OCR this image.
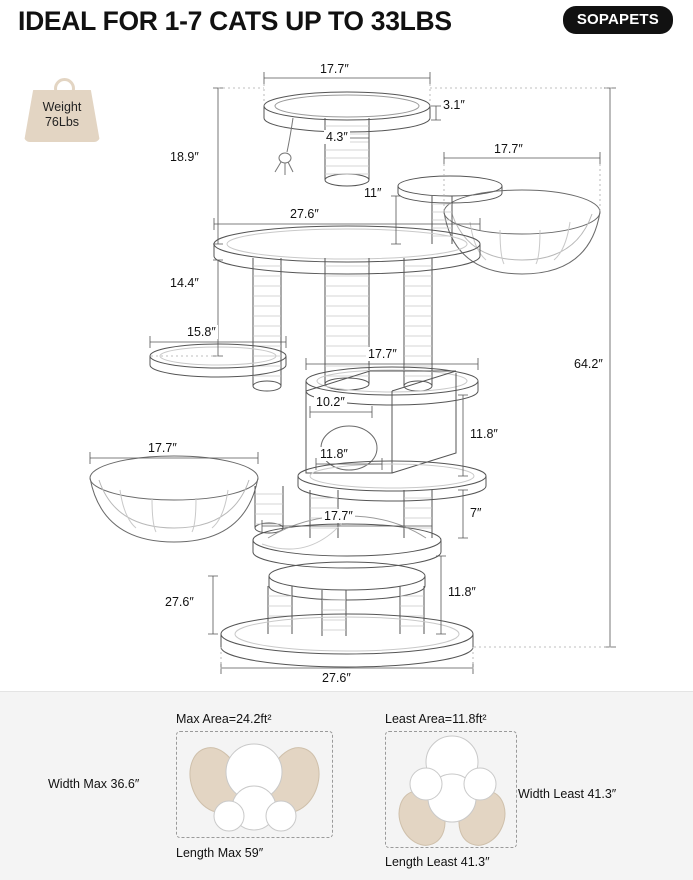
IDEAL FOR 1-7 CATS UP TO 33LBS	SOPAPETS
Weight
76Lbs
17.7″
3.1″
4.3″
18.9″
17.7″
11″
27.6″
14.4″
15.8″
17.7″
10.2″
11.8″
11.8″
17.7″
7″
17.7″
11.8″
27.6″
27.6″
64.2″
Max Area=24.2ft²
Width Max 36.6″
Length Max 59″
Least Area=11.8ft²
Width Least 41.3″
Length Least 41.3″
